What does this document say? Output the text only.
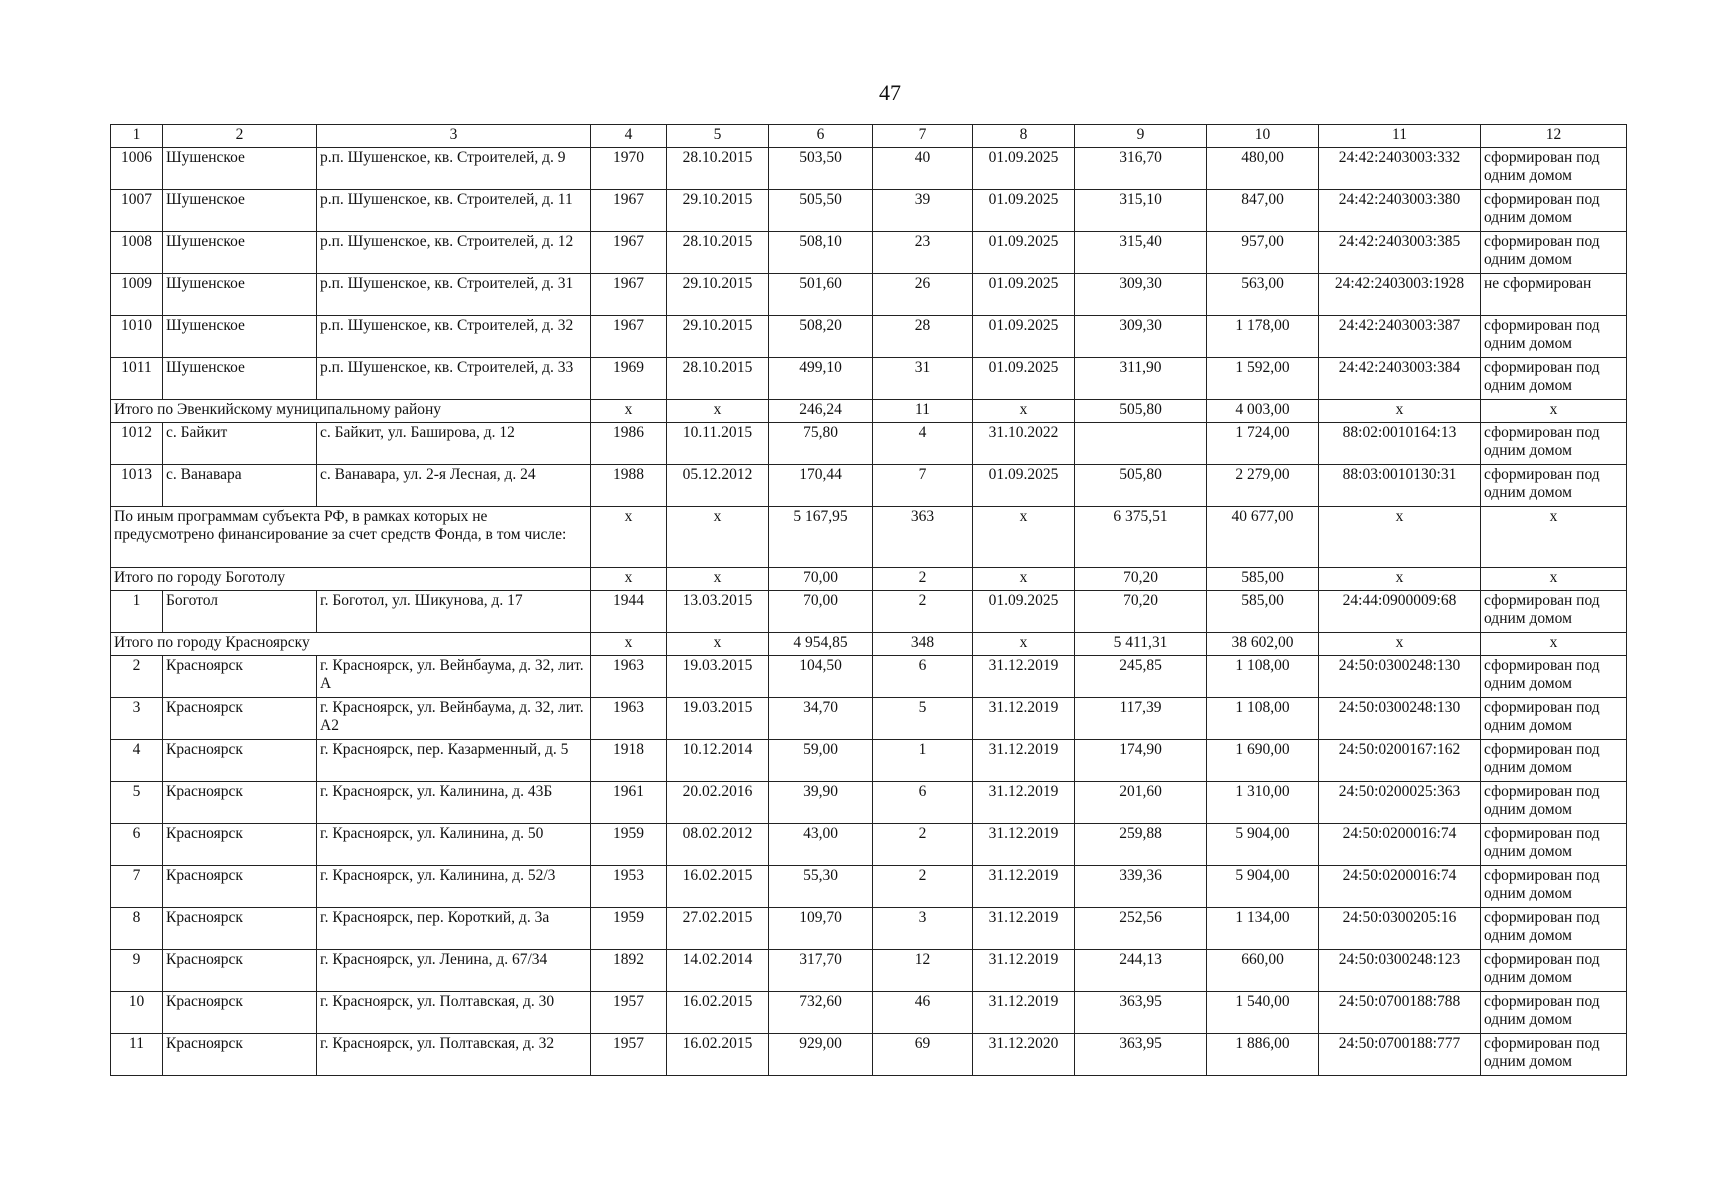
47
1	2	3	4	5	6	7	8	9	10	11	12
1006	Шушенское	р.п. Шушенское, кв. Строителей, д. 9	1970	28.10.2015	503,50	40	01.09.2025	316,70	480,00	24:42:2403003:332	сформирован под одним домом
1007	Шушенское	р.п. Шушенское, кв. Строителей, д. 11	1967	29.10.2015	505,50	39	01.09.2025	315,10	847,00	24:42:2403003:380	сформирован под одним домом
1008	Шушенское	р.п. Шушенское, кв. Строителей, д. 12	1967	28.10.2015	508,10	23	01.09.2025	315,40	957,00	24:42:2403003:385	сформирован под одним домом
1009	Шушенское	р.п. Шушенское, кв. Строителей, д. 31	1967	29.10.2015	501,60	26	01.09.2025	309,30	563,00	24:42:2403003:1928	не сформирован
1010	Шушенское	р.п. Шушенское, кв. Строителей, д. 32	1967	29.10.2015	508,20	28	01.09.2025	309,30	1 178,00	24:42:2403003:387	сформирован под одним домом
1011	Шушенское	р.п. Шушенское, кв. Строителей, д. 33	1969	28.10.2015	499,10	31	01.09.2025	311,90	1 592,00	24:42:2403003:384	сформирован под одним домом
Итого по Эвенкийскому муниципальному району			x	x	246,24	11	x	505,80	4 003,00	x	x
1012	с. Байкит	с. Байкит, ул. Баширова, д. 12	1986	10.11.2015	75,80	4	31.10.2022		1 724,00	88:02:0010164:13	сформирован под одним домом
1013	с. Ванавара	с. Ванавара, ул. 2-я Лесная, д. 24	1988	05.12.2012	170,44	7	01.09.2025	505,80	2 279,00	88:03:0010130:31	сформирован под одним домом
По иным программам субъекта РФ, в рамках которых не предусмотрено финансирование за счет средств Фонда, в том числе:			x	x	5 167,95	363	x	6 375,51	40 677,00	x	x
Итого по городу Боготолу			x	x	70,00	2	x	70,20	585,00	x	x
1	Боготол	г. Боготол, ул. Шикунова, д. 17	1944	13.03.2015	70,00	2	01.09.2025	70,20	585,00	24:44:0900009:68	сформирован под одним домом
Итого по городу Красноярску			x	x	4 954,85	348	x	5 411,31	38 602,00	x	x
2	Красноярск	г. Красноярск, ул. Вейнбаума, д. 32, лит. А	1963	19.03.2015	104,50	6	31.12.2019	245,85	1 108,00	24:50:0300248:130	сформирован под одним домом
3	Красноярск	г. Красноярск, ул. Вейнбаума, д. 32, лит. А2	1963	19.03.2015	34,70	5	31.12.2019	117,39	1 108,00	24:50:0300248:130	сформирован под одним домом
4	Красноярск	г. Красноярск, пер. Казарменный, д. 5	1918	10.12.2014	59,00	1	31.12.2019	174,90	1 690,00	24:50:0200167:162	сформирован под одним домом
5	Красноярск	г. Красноярск, ул. Калинина, д. 43Б	1961	20.02.2016	39,90	6	31.12.2019	201,60	1 310,00	24:50:0200025:363	сформирован под одним домом
6	Красноярск	г. Красноярск, ул. Калинина, д. 50	1959	08.02.2012	43,00	2	31.12.2019	259,88	5 904,00	24:50:0200016:74	сформирован под одним домом
7	Красноярск	г. Красноярск, ул. Калинина, д. 52/3	1953	16.02.2015	55,30	2	31.12.2019	339,36	5 904,00	24:50:0200016:74	сформирован под одним домом
8	Красноярск	г. Красноярск, пер. Короткий, д. 3а	1959	27.02.2015	109,70	3	31.12.2019	252,56	1 134,00	24:50:0300205:16	сформирован под одним домом
9	Красноярск	г. Красноярск, ул. Ленина, д. 67/34	1892	14.02.2014	317,70	12	31.12.2019	244,13	660,00	24:50:0300248:123	сформирован под одним домом
10	Красноярск	г. Красноярск, ул. Полтавская, д. 30	1957	16.02.2015	732,60	46	31.12.2019	363,95	1 540,00	24:50:0700188:788	сформирован под одним домом
11	Красноярск	г. Красноярск, ул. Полтавская, д. 32	1957	16.02.2015	929,00	69	31.12.2020	363,95	1 886,00	24:50:0700188:777	сформирован под одним домом
